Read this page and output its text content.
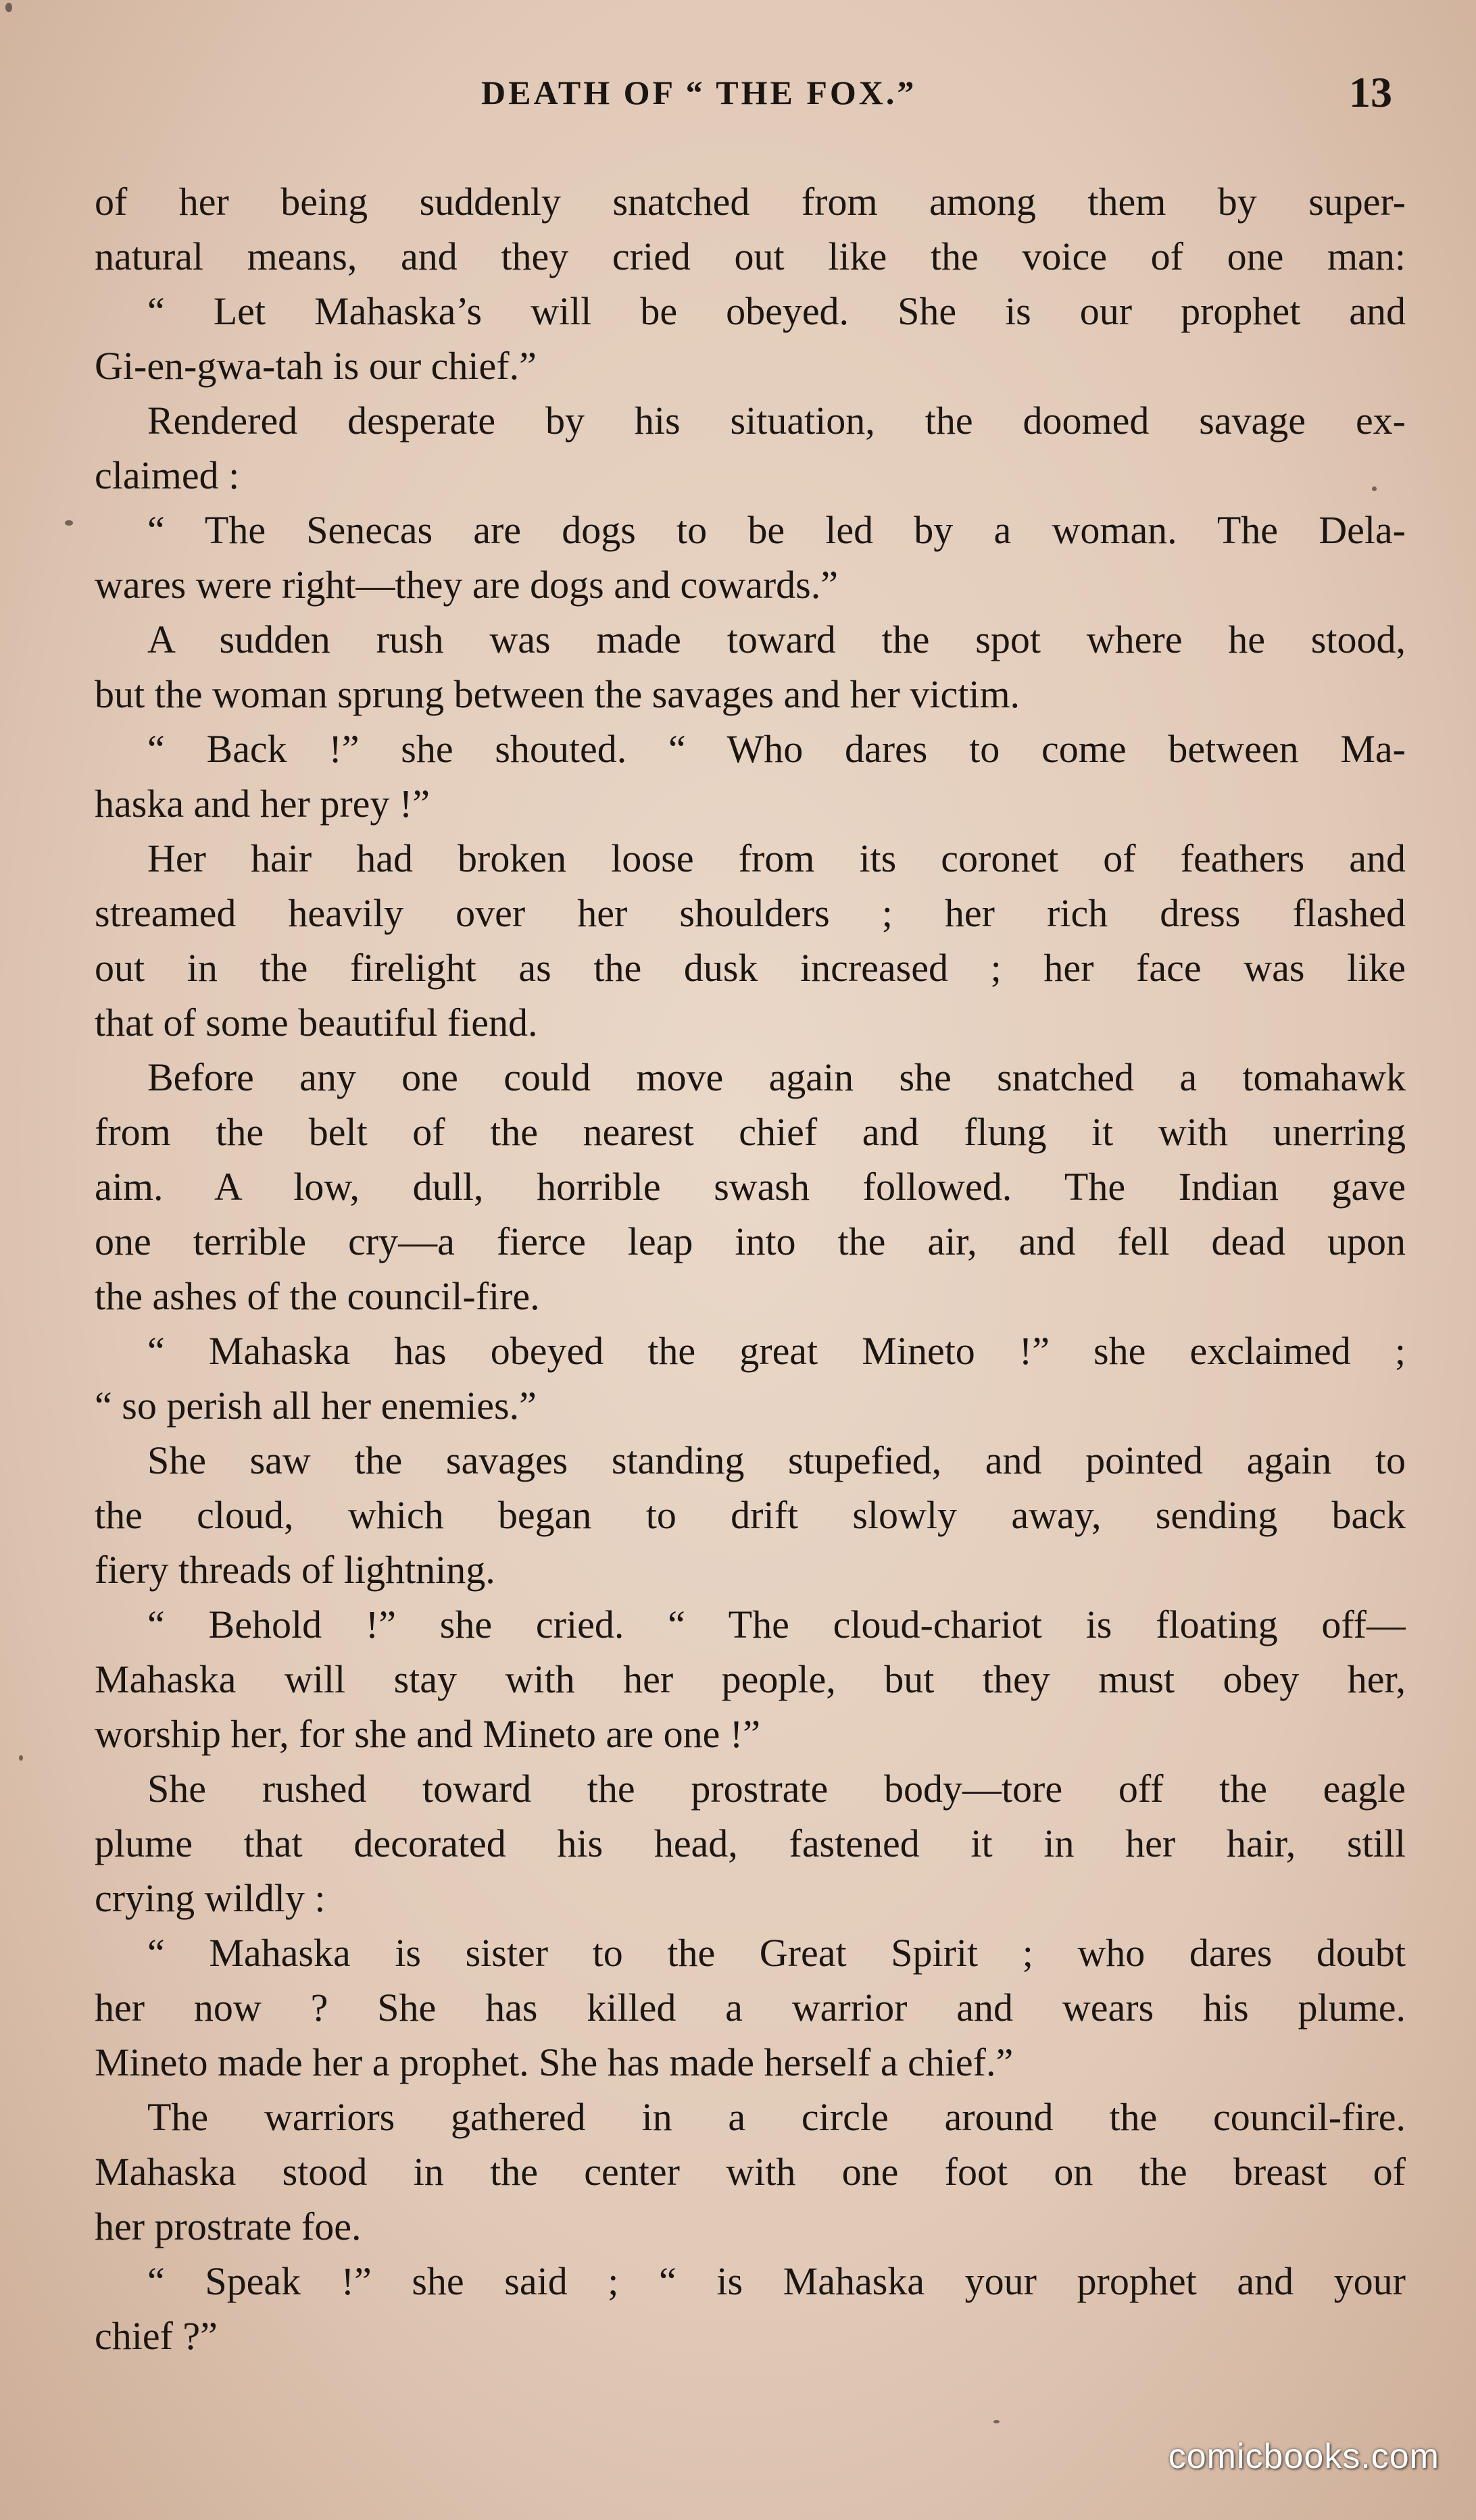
DEATH OF “ THE FOX.”	13
of her being suddenly snatched from among them by super-
natural means, and they cried out like the voice of one man:
“ Let Mahaska’s will be obeyed. She is our prophet and
Gi-en-gwa-tah is our chief.”
Rendered desperate by his situation, the doomed savage ex-
claimed :
“ The Senecas are dogs to be led by a woman. The Dela-
wares were right—they are dogs and cowards.”
A sudden rush was made toward the spot where he stood,
but the woman sprung between the savages and her victim.
“ Back !” she shouted. “ Who dares to come between Ma-
haska and her prey !”
Her hair had broken loose from its coronet of feathers and
streamed heavily over her shoulders ; her rich dress flashed
out in the firelight as the dusk increased ; her face was like
that of some beautiful fiend.
Before any one could move again she snatched a tomahawk
from the belt of the nearest chief and flung it with unerring
aim. A low, dull, horrible swash followed. The Indian gave
one terrible cry—a fierce leap into the air, and fell dead upon
the ashes of the council-fire.
“ Mahaska has obeyed the great Mineto !” she exclaimed ;
“ so perish all her enemies.”
She saw the savages standing stupefied, and pointed again to
the cloud, which began to drift slowly away, sending back
fiery threads of lightning.
“ Behold !” she cried. “ The cloud-chariot is floating off—
Mahaska will stay with her people, but they must obey her,
worship her, for she and Mineto are one !”
She rushed toward the prostrate body—tore off the eagle
plume that decorated his head, fastened it in her hair, still
crying wildly :
“ Mahaska is sister to the Great Spirit ; who dares doubt
her now ? She has killed a warrior and wears his plume.
Mineto made her a prophet. She has made herself a chief.”
The warriors gathered in a circle around the council-fire.
Mahaska stood in the center with one foot on the breast of
her prostrate foe.
“ Speak !” she said ; “ is Mahaska your prophet and your
chief ?”
comicbooks.com
